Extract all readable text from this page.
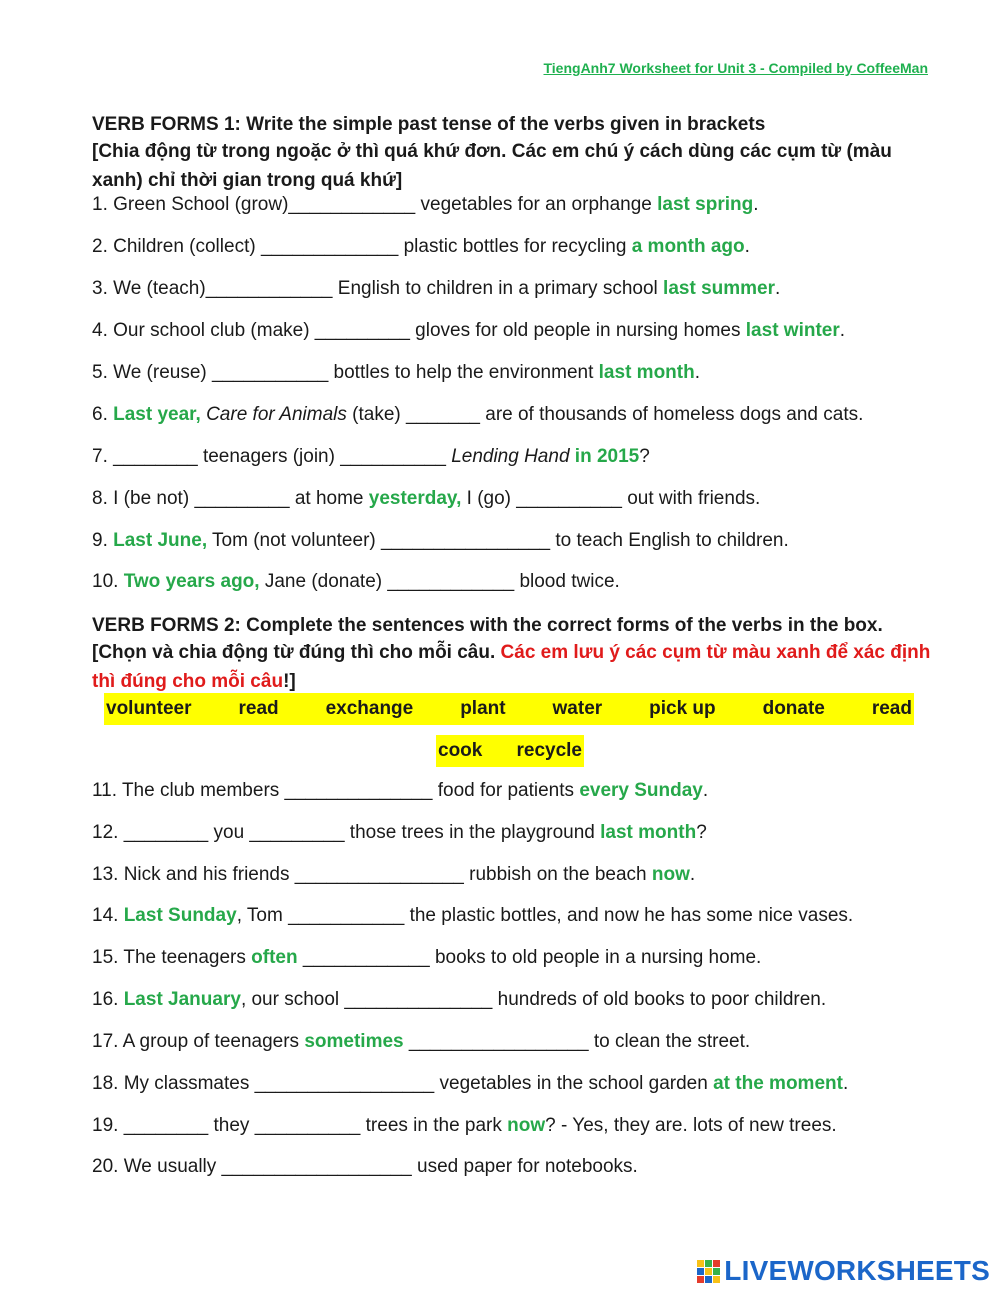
TiengAnh7 Worksheet for Unit 3 - Compiled by CoffeeMan
VERB FORMS 1: Write the simple past tense of the verbs given in brackets
[Chia động từ trong ngoặc ở thì quá khứ đơn. Các em chú ý cách dùng các cụm từ (màu xanh) chỉ thời gian trong quá khứ]
1. Green School (grow)____________ vegetables for an orphange last spring.
2. Children (collect) _____________ plastic bottles for recycling a month ago.
3. We (teach)____________ English to children in a primary school last summer.
4. Our school club (make) _________ gloves for old people in nursing homes last winter.
5. We (reuse) ___________ bottles to help the environment last month.
6. Last year, Care for Animals (take) _______ are of thousands of homeless dogs and cats.
7. ________ teenagers (join) __________ Lending Hand in 2015?
8. I (be not) _________ at home yesterday, I (go) __________ out with friends.
9. Last June, Tom (not volunteer) ________________ to teach English to children.
10. Two years ago, Jane (donate) ____________ blood twice.
VERB FORMS 2: Complete the sentences with the correct forms of the verbs in the box.
[Chọn và chia động từ đúng thì cho mỗi câu. Các em lưu ý các cụm từ màu xanh để xác định thì đúng cho mỗi câu!]
volunteer read exchange plant water pick up donate read
cook recycle
11. The club members ______________ food for patients every Sunday.
12. ________ you _________ those trees in the playground last month?
13. Nick and his friends ________________ rubbish on the beach now.
14. Last Sunday, Tom ___________ the plastic bottles, and now he has some nice vases.
15. The teenagers often ____________ books to old people in a nursing home.
16. Last January, our school ______________ hundreds of old books to poor children.
17. A group of teenagers sometimes _________________ to clean the street.
18. My classmates _________________ vegetables in the school garden at the moment.
19. ________ they __________ trees in the park now? - Yes, they are. lots of new trees.
20. We usually __________________ used paper for notebooks.
LIVEWORKSHEETS
